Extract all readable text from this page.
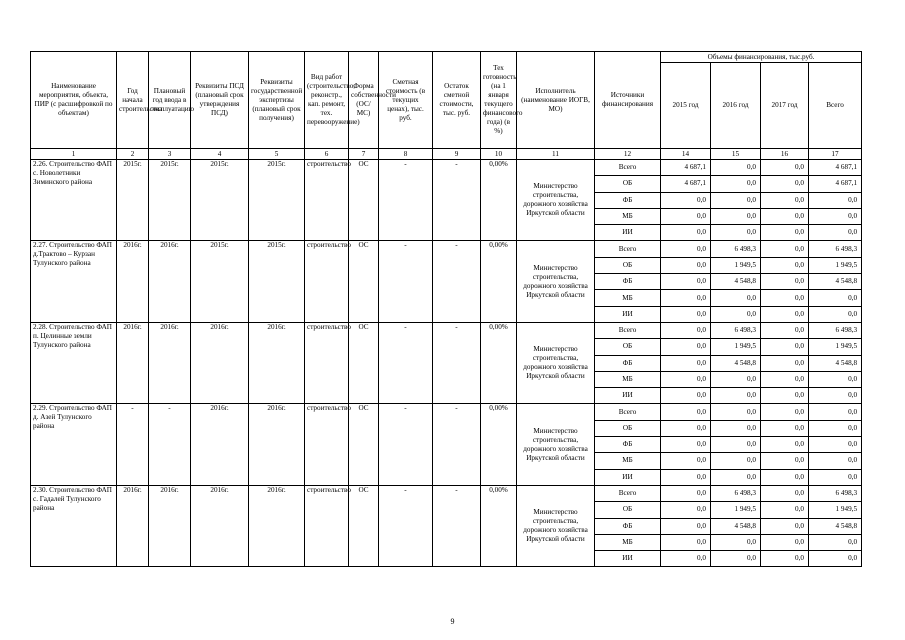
Наименование мероприятия, объекта, ПИР (с расшифровкой по объектам)	Год начала строительства	Плановый год ввода в эксплуатацию	Реквизиты ПСД (плановый срок утверждения ПСД)	Реквизиты государственной экспертизы (плановый срок получения)	Вид работ (строительство, реконстр., кап. ремонт, тех. перевооружение)	Форма собственности (ОС/МС)	Сметная стоимость (в текущих ценах), тыс. руб.	Остаток сметной стоимости, тыс. руб.	Тех готовность (на 1 января текущего финансового года) (в %)	Исполнитель (наименование ИОГВ, МО)	Источники финансирования	Объемы финансирования, тыс.руб.			
												2015 год	2016 год	2017 год	Всего
1	2	3	4	5	6	7	8	9	10	11	12	14	15	16	17
2.26. Строительство ФАП с. Новолетники Зиминского района	2015г.	2015г.	2015г.	2015г.	строительство	ОС	-	-	0,00%	Министерство строительства, дорожного хозяйства Иркутской области	Всего	4 687,1	0,0	0,0	4 687,1
											ОБ	4 687,1	0,0	0,0	4 687,1
											ФБ	0,0	0,0	0,0	0,0
											МБ	0,0	0,0	0,0	0,0
											ИИ	0,0	0,0	0,0	0,0
2.27. Строительство ФАП д.Трактово – Курзан Тулунского района	2016г.	2016г.	2015г.	2015г.	строительство	ОС	-	-	0,00%	Министерство строительства, дорожного хозяйства Иркутской области	Всего	0,0	6 498,3	0,0	6 498,3
											ОБ	0,0	1 949,5	0,0	1 949,5
											ФБ	0,0	4 548,8	0,0	4 548,8
											МБ	0,0	0,0	0,0	0,0
											ИИ	0,0	0,0	0,0	0,0
2.28. Строительство ФАП п. Целинные земли Тулунского района	2016г.	2016г.	2016г.	2016г.	строительство	ОС	-	-	0,00%	Министерство строительства, дорожного хозяйства Иркутской области	Всего	0,0	6 498,3	0,0	6 498,3
											ОБ	0,0	1 949,5	0,0	1 949,5
											ФБ	0,0	4 548,8	0,0	4 548,8
											МБ	0,0	0,0	0,0	0,0
											ИИ	0,0	0,0	0,0	0,0
2.29. Строительство ФАП д. Азей Тулунского района	-	-	2016г.	2016г.	строительство	ОС	-	-	0,00%	Министерство строительства, дорожного хозяйства Иркутской области	Всего	0,0	0,0	0,0	0,0
											ОБ	0,0	0,0	0,0	0,0
											ФБ	0,0	0,0	0,0	0,0
											МБ	0,0	0,0	0,0	0,0
											ИИ	0,0	0,0	0,0	0,0
2.30. Строительство ФАП с. Гадалей Тулунского района	2016г.	2016г.	2016г.	2016г.	строительство	ОС	-	-	0,00%	Министерство строительства, дорожного хозяйства Иркутской области	Всего	0,0	6 498,3	0,0	6 498,3
											ОБ	0,0	1 949,5	0,0	1 949,5
											ФБ	0,0	4 548,8	0,0	4 548,8
											МБ	0,0	0,0	0,0	0,0
											ИИ	0,0	0,0	0,0	0,0
9
